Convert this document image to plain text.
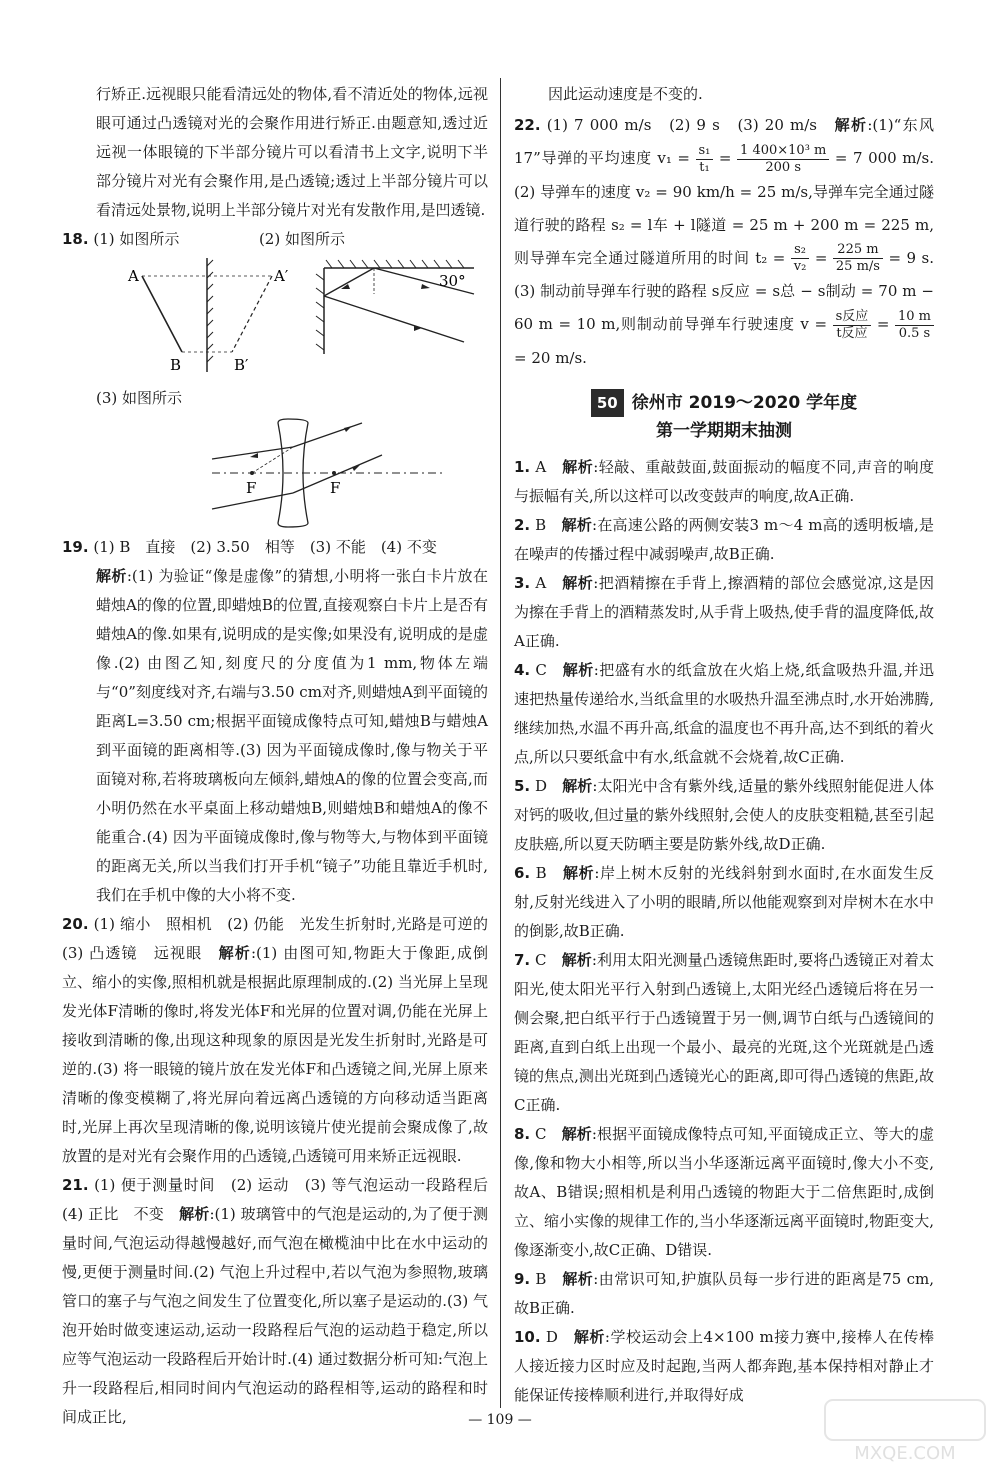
行矫正.远视眼只能看清远处的物体,看不清近处的物体,远视眼可通过凸透镜对光的会聚作用进行矫正.由题意知,透过近远视一体眼镜的下半部分镜片可以看清书上文字,说明下半部分镜片对光有会聚作用,是凸透镜;透过上半部分镜片可以看清远处景物,说明上半部分镜片对光有发散作用,是凹透镜.

18. (1) 如图所示	(2) 如图所示

A
B
A′
B′
30°

(3) 如图所示

F	F

19. (1) B　直接　(2) 3.50　相等　(3) 不能　(4) 不变

解析:(1) 为验证“像是虚像”的猜想,小明将一张白卡片放在蜡烛A的像的位置,即蜡烛B的位置,直接观察白卡片上是否有蜡烛A的像.如果有,说明成的是实像;如果没有,说明成的是虚像.(2) 由图乙知,刻度尺的分度值为1 mm,物体左端与“0”刻度线对齐,右端与3.50 cm对齐,则蜡烛A到平面镜的距离L=3.50 cm;根据平面镜成像特点可知,蜡烛B与蜡烛A到平面镜的距离相等.(3) 因为平面镜成像时,像与物关于平面镜对称,若将玻璃板向左倾斜,蜡烛A的像的位置会变高,而小明仍然在水平桌面上移动蜡烛B,则蜡烛B和蜡烛A的像不能重合.(4) 因为平面镜成像时,像与物等大,与物体到平面镜的距离无关,所以当我们打开手机“镜子”功能且靠近手机时,我们在手机中像的大小将不变.

20. (1) 缩小　照相机　(2) 仍能　光发生折射时,光路是可逆的　(3) 凸透镜　远视眼　解析:(1) 由图可知,物距大于像距,成倒立、缩小的实像,照相机就是根据此原理制成的.(2) 当光屏上呈现发光体F清晰的像时,将发光体F和光屏的位置对调,仍能在光屏上接收到清晰的像,出现这种现象的原因是光发生折射时,光路是可逆的.(3) 将一眼镜的镜片放在发光体F和凸透镜之间,光屏上原来清晰的像变模糊了,将光屏向着远离凸透镜的方向移动适当距离时,光屏上再次呈现清晰的像,说明该镜片使光提前会聚成像了,故放置的是对光有会聚作用的凸透镜,凸透镜可用来矫正远视眼.

21. (1) 便于测量时间　(2) 运动　(3) 等气泡运动一段路程后　(4) 正比　不变　解析:(1) 玻璃管中的气泡是运动的,为了便于测量时间,气泡运动得越慢越好,而气泡在橄榄油中比在水中运动的慢,更便于测量时间.(2) 气泡上升过程中,若以气泡为参照物,玻璃管口的塞子与气泡之间发生了位置变化,所以塞子是运动的.(3) 气泡开始时做变速运动,运动一段路程后气泡的运动趋于稳定,所以应等气泡运动一段路程后开始计时.(4) 通过数据分析可知:气泡上升一段路程后,相同时间内气泡运动的路程相等,运动的路程和时间成正比,

因此运动速度是不变的.

22. (1) 7 000 m/s　(2) 9 s　(3) 20 m/s　解析:(1)“东风17”导弹的平均速度 $v_1 = \frac{\text{s₁}}{\text{t₁}} = \frac{\text{1 400×10³ m}}{200 s} = 7$ 000 m/s.(2) 导弹车的速度 v₂ = 90 km/h = 25 m/s,导弹车完全通过隧道行驶的路程 s₂ = l车 + l隧道 = 25 m + 200 m = 225 m,则导弹车完全通过隧道所用的时间 $t_2 = \frac{\text{s₂}}{\text{v₂}} = \frac{225 m}{25 m/s} = 9$ s.(3) 制动前导弹车行驶的路程 s反应 = s总 − s制动 = 70 m − 60 m = 10 m,则制动前导弹车行驶速度 $v = \frac{\text{s反应}}{\text{t反应}} = \frac{10 m}{0.5 s}$
= 20 m/s.

50 徐州市 2019～2020 学年度
第一学期期末抽测

1. A　 解析:轻敲、重敲鼓面,鼓面振动的幅度不同,声音的响度与振幅有关,所以这样可以改变鼓声的响度,故A正确.

2. B　 解析:在高速公路的两侧安装3 m～4 m高的透明板墙,是在噪声的传播过程中减弱噪声,故B正确.

3. A　 解析:把酒精擦在手背上,擦酒精的部位会感觉凉,这是因为擦在手背上的酒精蒸发时,从手背上吸热,使手背的温度降低,故A正确.

4. C　 解析:把盛有水的纸盒放在火焰上烧,纸盒吸热升温,并迅速把热量传递给水,当纸盒里的水吸热升温至沸点时,水开始沸腾,继续加热,水温不再升高,纸盒的温度也不再升高,达不到纸的着火点,所以只要纸盒中有水,纸盒就不会烧着,故C正确.

5. D　 解析:太阳光中含有紫外线,适量的紫外线照射能促进人体对钙的吸收,但过量的紫外线照射,会使人的皮肤变粗糙,甚至引起皮肤癌,所以夏天防晒主要是防紫外线,故D正确.

6. B　 解析:岸上树木反射的光线斜射到水面时,在水面发生反射,反射光线进入了小明的眼睛,所以他能观察到对岸树木在水中的倒影,故B正确.

7. C　 解析:利用太阳光测量凸透镜焦距时,要将凸透镜正对着太阳光,使太阳光平行入射到凸透镜上,太阳光经凸透镜后将在另一侧会聚,把白纸平行于凸透镜置于另一侧,调节白纸与凸透镜间的距离,直到白纸上出现一个最小、最亮的光斑,这个光斑就是凸透镜的焦点,测出光斑到凸透镜光心的距离,即可得凸透镜的焦距,故C正确.

8. C　 解析:根据平面镜成像特点可知,平面镜成正立、等大的虚像,像和物大小相等,所以当小华逐渐远离平面镜时,像大小不变,故A、B错误;照相机是利用凸透镜的物距大于二倍焦距时,成倒立、缩小实像的规律工作的,当小华逐渐远离平面镜时,物距变大,像逐渐变小,故C正确、D错误.

9. B　 解析:由常识可知,护旗队员每一步行进的距离是75 cm,故B正确.

10. D　 解析:学校运动会上4×100 m接力赛中,接棒人在传棒人接近接力区时应及时起跑,当两人都奔跑,基本保持相对静止才能保证传接棒顺利进行,并取得好成

— 109 —
MXQE.COM
